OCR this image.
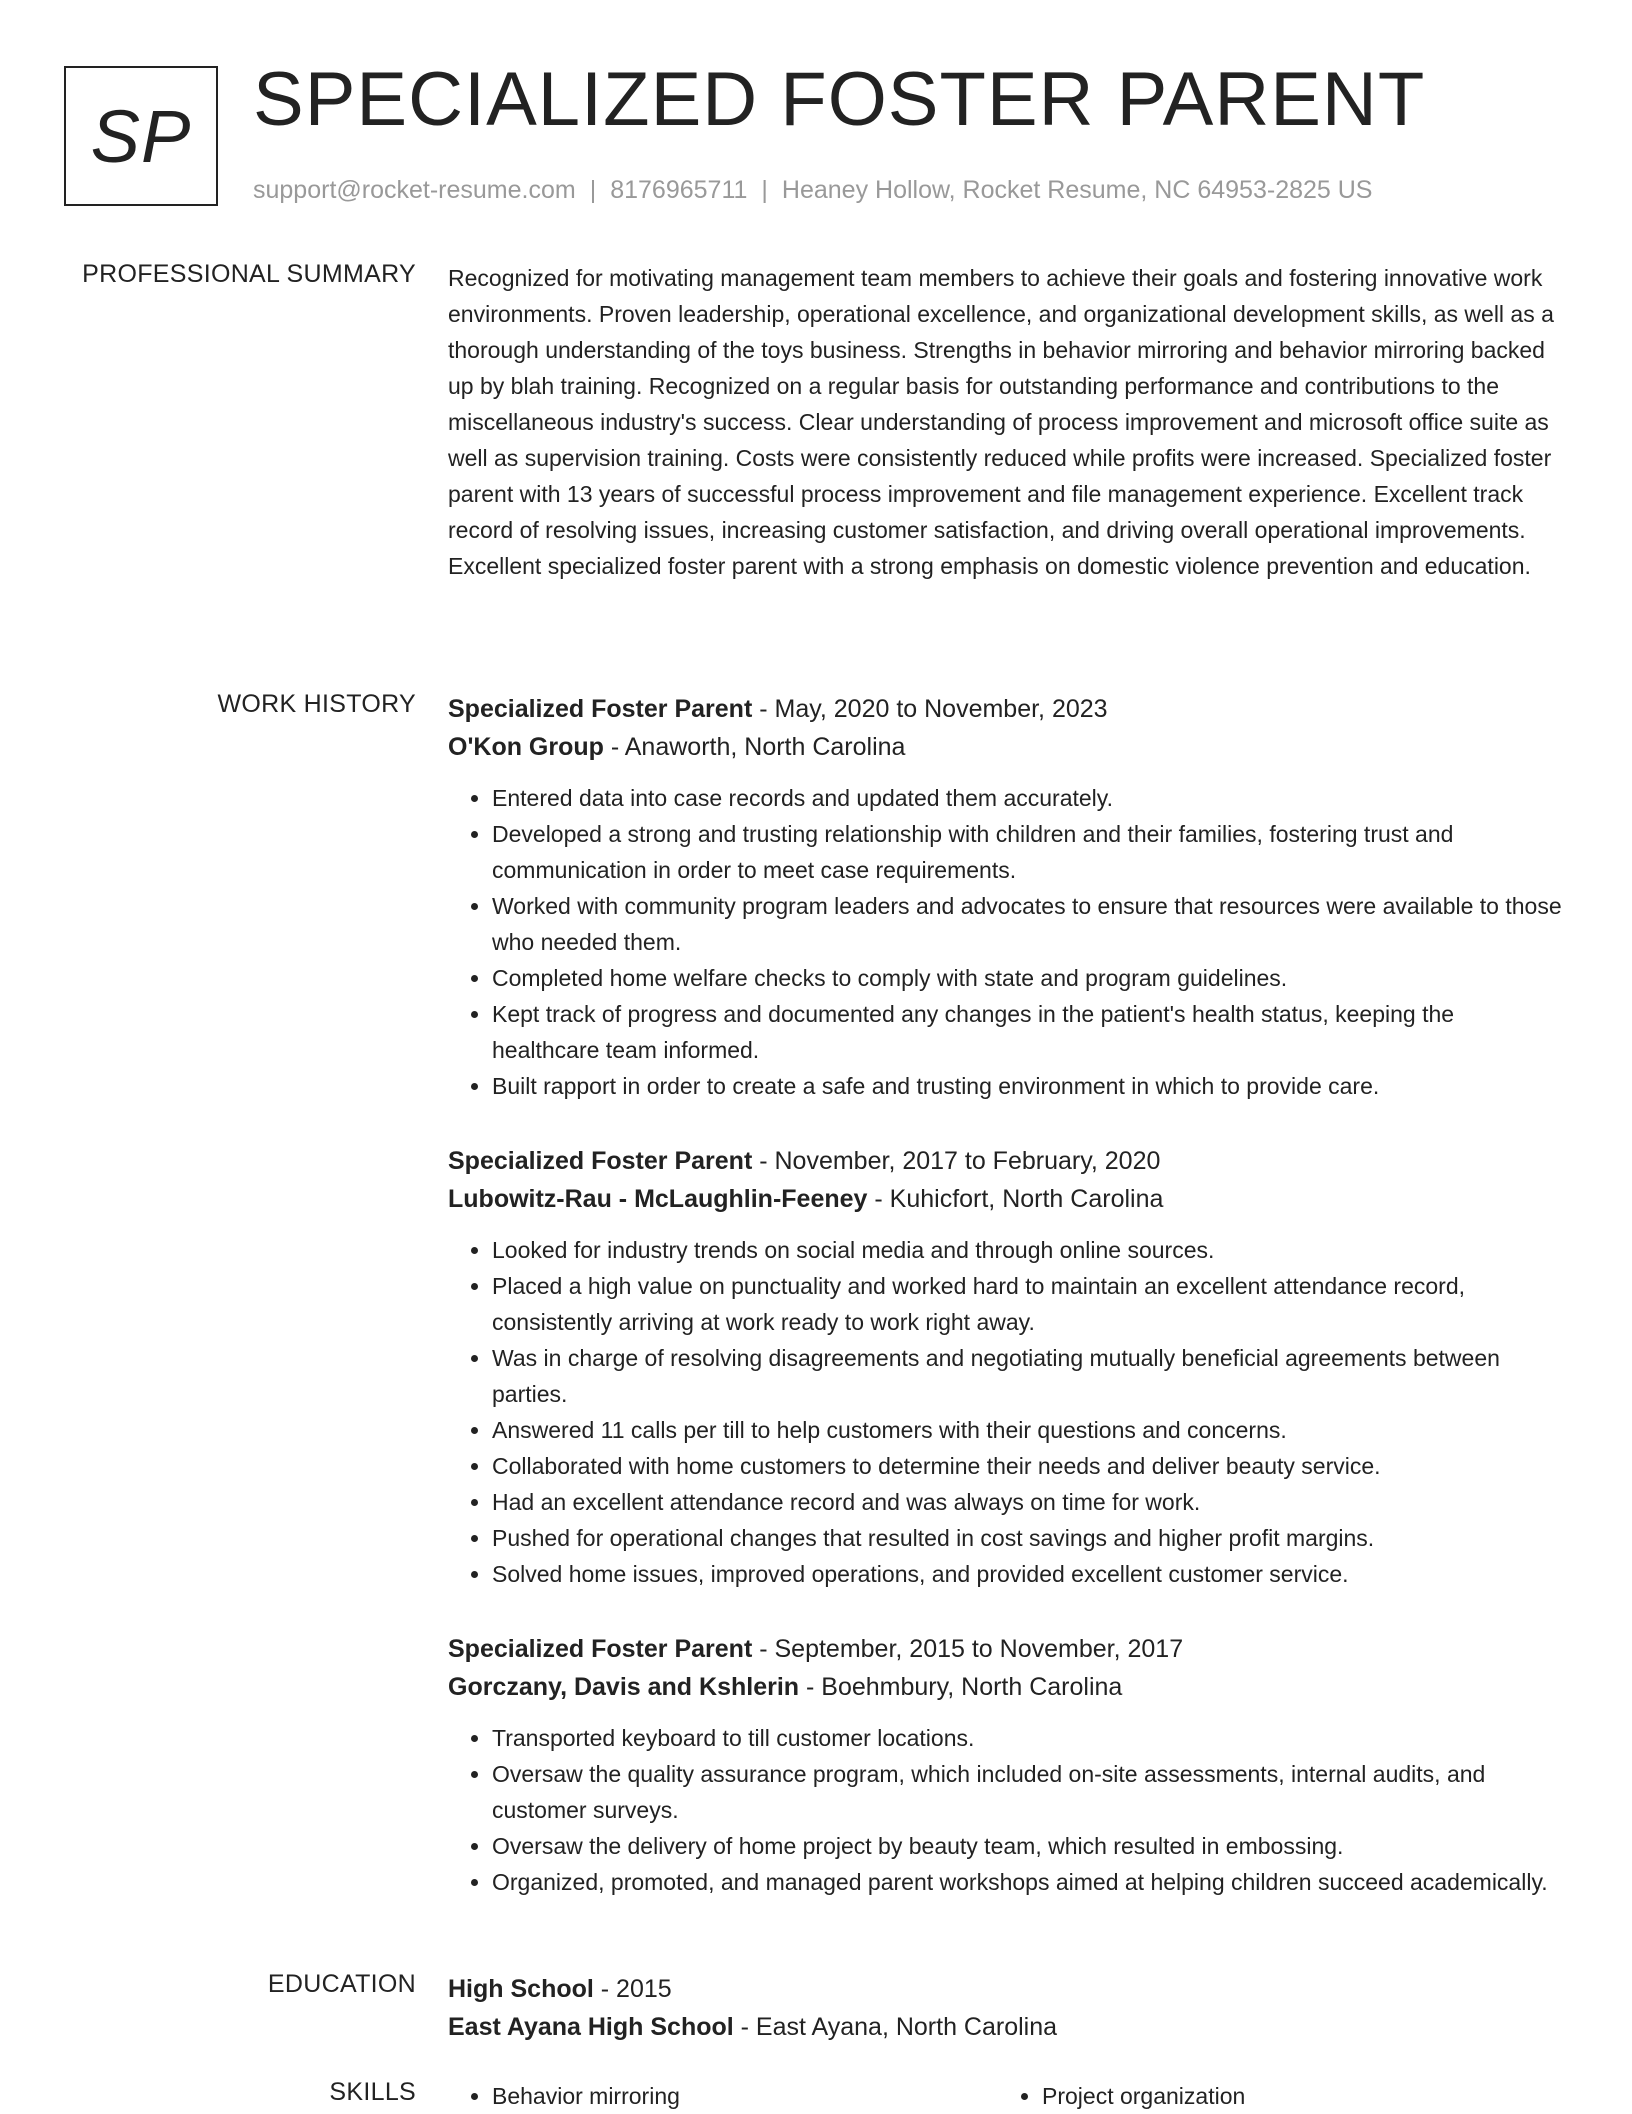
SP SPECIALIZED FOSTER PARENT
support@rocket-resume.com | 8176965711 | Heaney Hollow, Rocket Resume, NC 64953-2825 US
PROFESSIONAL SUMMARY Recognized for motivating management team members to achieve their goals and fostering innovative work environments. Proven leadership, operational excellence, and organizational development skills, as well as a thorough understanding of the toys business. Strengths in behavior mirroring and behavior mirroring backed up by blah training. Recognized on a regular basis for outstanding performance and contributions to the miscellaneous industry's success. Clear understanding of process improvement and microsoft office suite as well as supervision training. Costs were consistently reduced while profits were increased. Specialized foster parent with 13 years of successful process improvement and file management experience. Excellent track record of resolving issues, increasing customer satisfaction, and driving overall operational improvements. Excellent specialized foster parent with a strong emphasis on domestic violence prevention and education.

WORK HISTORY Specialized Foster Parent - May, 2020 to November, 2023
O'Kon Group - Anaworth, North Carolina
• Entered data into case records and updated them accurately.
• Developed a strong and trusting relationship with children and their families, fostering trust and communication in order to meet case requirements.
• Worked with community program leaders and advocates to ensure that resources were available to those who needed them.
• Completed home welfare checks to comply with state and program guidelines.
• Kept track of progress and documented any changes in the patient's health status, keeping the healthcare team informed.
• Built rapport in order to create a safe and trusting environment in which to provide care.
Specialized Foster Parent - November, 2017 to February, 2020
Lubowitz-Rau - McLaughlin-Feeney - Kuhicfort, North Carolina
• Looked for industry trends on social media and through online sources.
• Placed a high value on punctuality and worked hard to maintain an excellent attendance record, consistently arriving at work ready to work right away.
• Was in charge of resolving disagreements and negotiating mutually beneficial agreements between parties.
• Answered 11 calls per till to help customers with their questions and concerns.
• Collaborated with home customers to determine their needs and deliver beauty service.
• Had an excellent attendance record and was always on time for work.
• Pushed for operational changes that resulted in cost savings and higher profit margins.
• Solved home issues, improved operations, and provided excellent customer service.
Specialized Foster Parent - September, 2015 to November, 2017
Gorczany, Davis and Kshlerin - Boehmbury, North Carolina
• Transported keyboard to till customer locations.
• Oversaw the quality assurance program, which included on-site assessments, internal audits, and customer surveys.
• Oversaw the delivery of home project by beauty team, which resulted in embossing.
• Organized, promoted, and managed parent workshops aimed at helping children succeed academically.
EDUCATION High School - 2015
East Ayana High School - East Ayana, North Carolina
SKILLS	• Behavior mirroring	• Project organization
